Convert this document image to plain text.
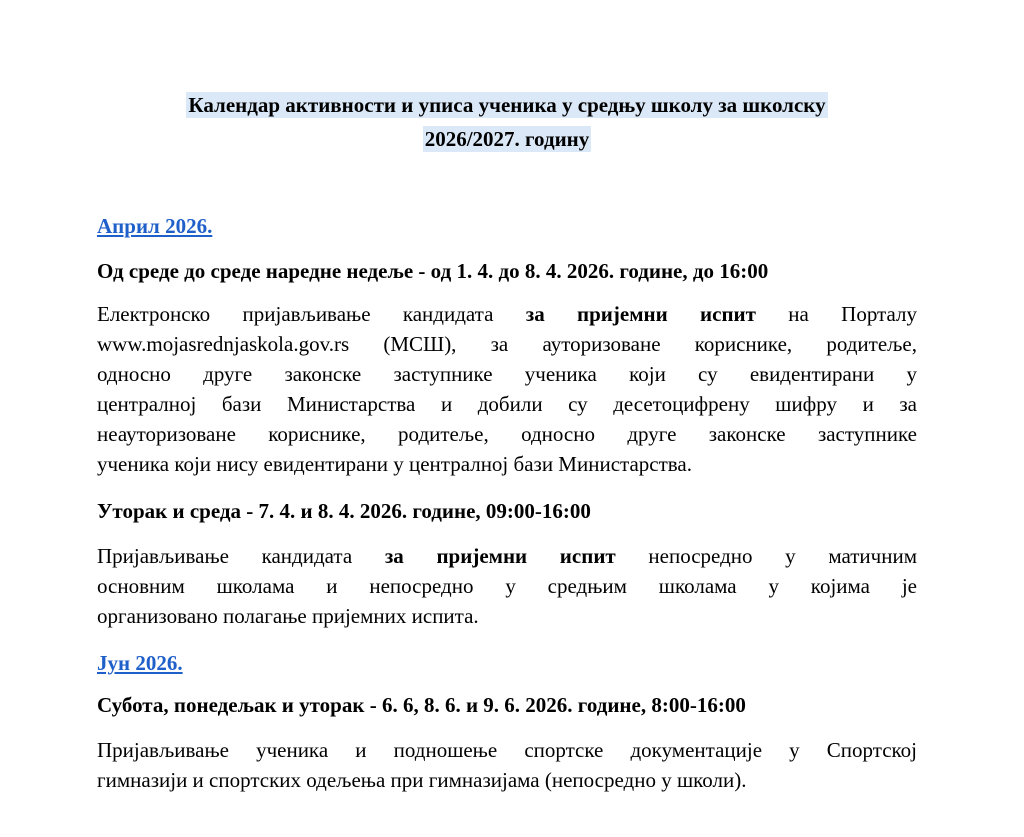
Календар активности и уписа ученика у средњу школу за школску
2026/2027. годину
Април 2026.
Од среде до среде наредне недеље - од 1. 4. до 8. 4. 2026. године, до 16:00
Електронско пријављивање кандидата за пријемни испит на Порталу
www.mojasrednjaskola.gov.rs (МСШ), за ауторизоване кориснике, родитеље,
односно друге законске заступнике ученика који су евидентирани у
централној бази Министарства и добили су десетоцифрену шифру и за
неауторизоване кориснике, родитеље, односно друге законске заступнике
ученика који нису евидентирани у централној бази Министарства.
Уторак и среда - 7. 4. и 8. 4. 2026. године, 09:00-16:00
Пријављивање кандидата за пријемни испит непосредно у матичним
основним школама и непосредно у средњим школама у којима је
организовано полагање пријемних испита.
Јун 2026.
Субота, понедељак и уторак - 6. 6, 8. 6. и 9. 6. 2026. године, 8:00-16:00
Пријављивање ученика и подношење спортске документације у Спортској
гимназији и спортских одељења при гимназијама (непосредно у школи).
